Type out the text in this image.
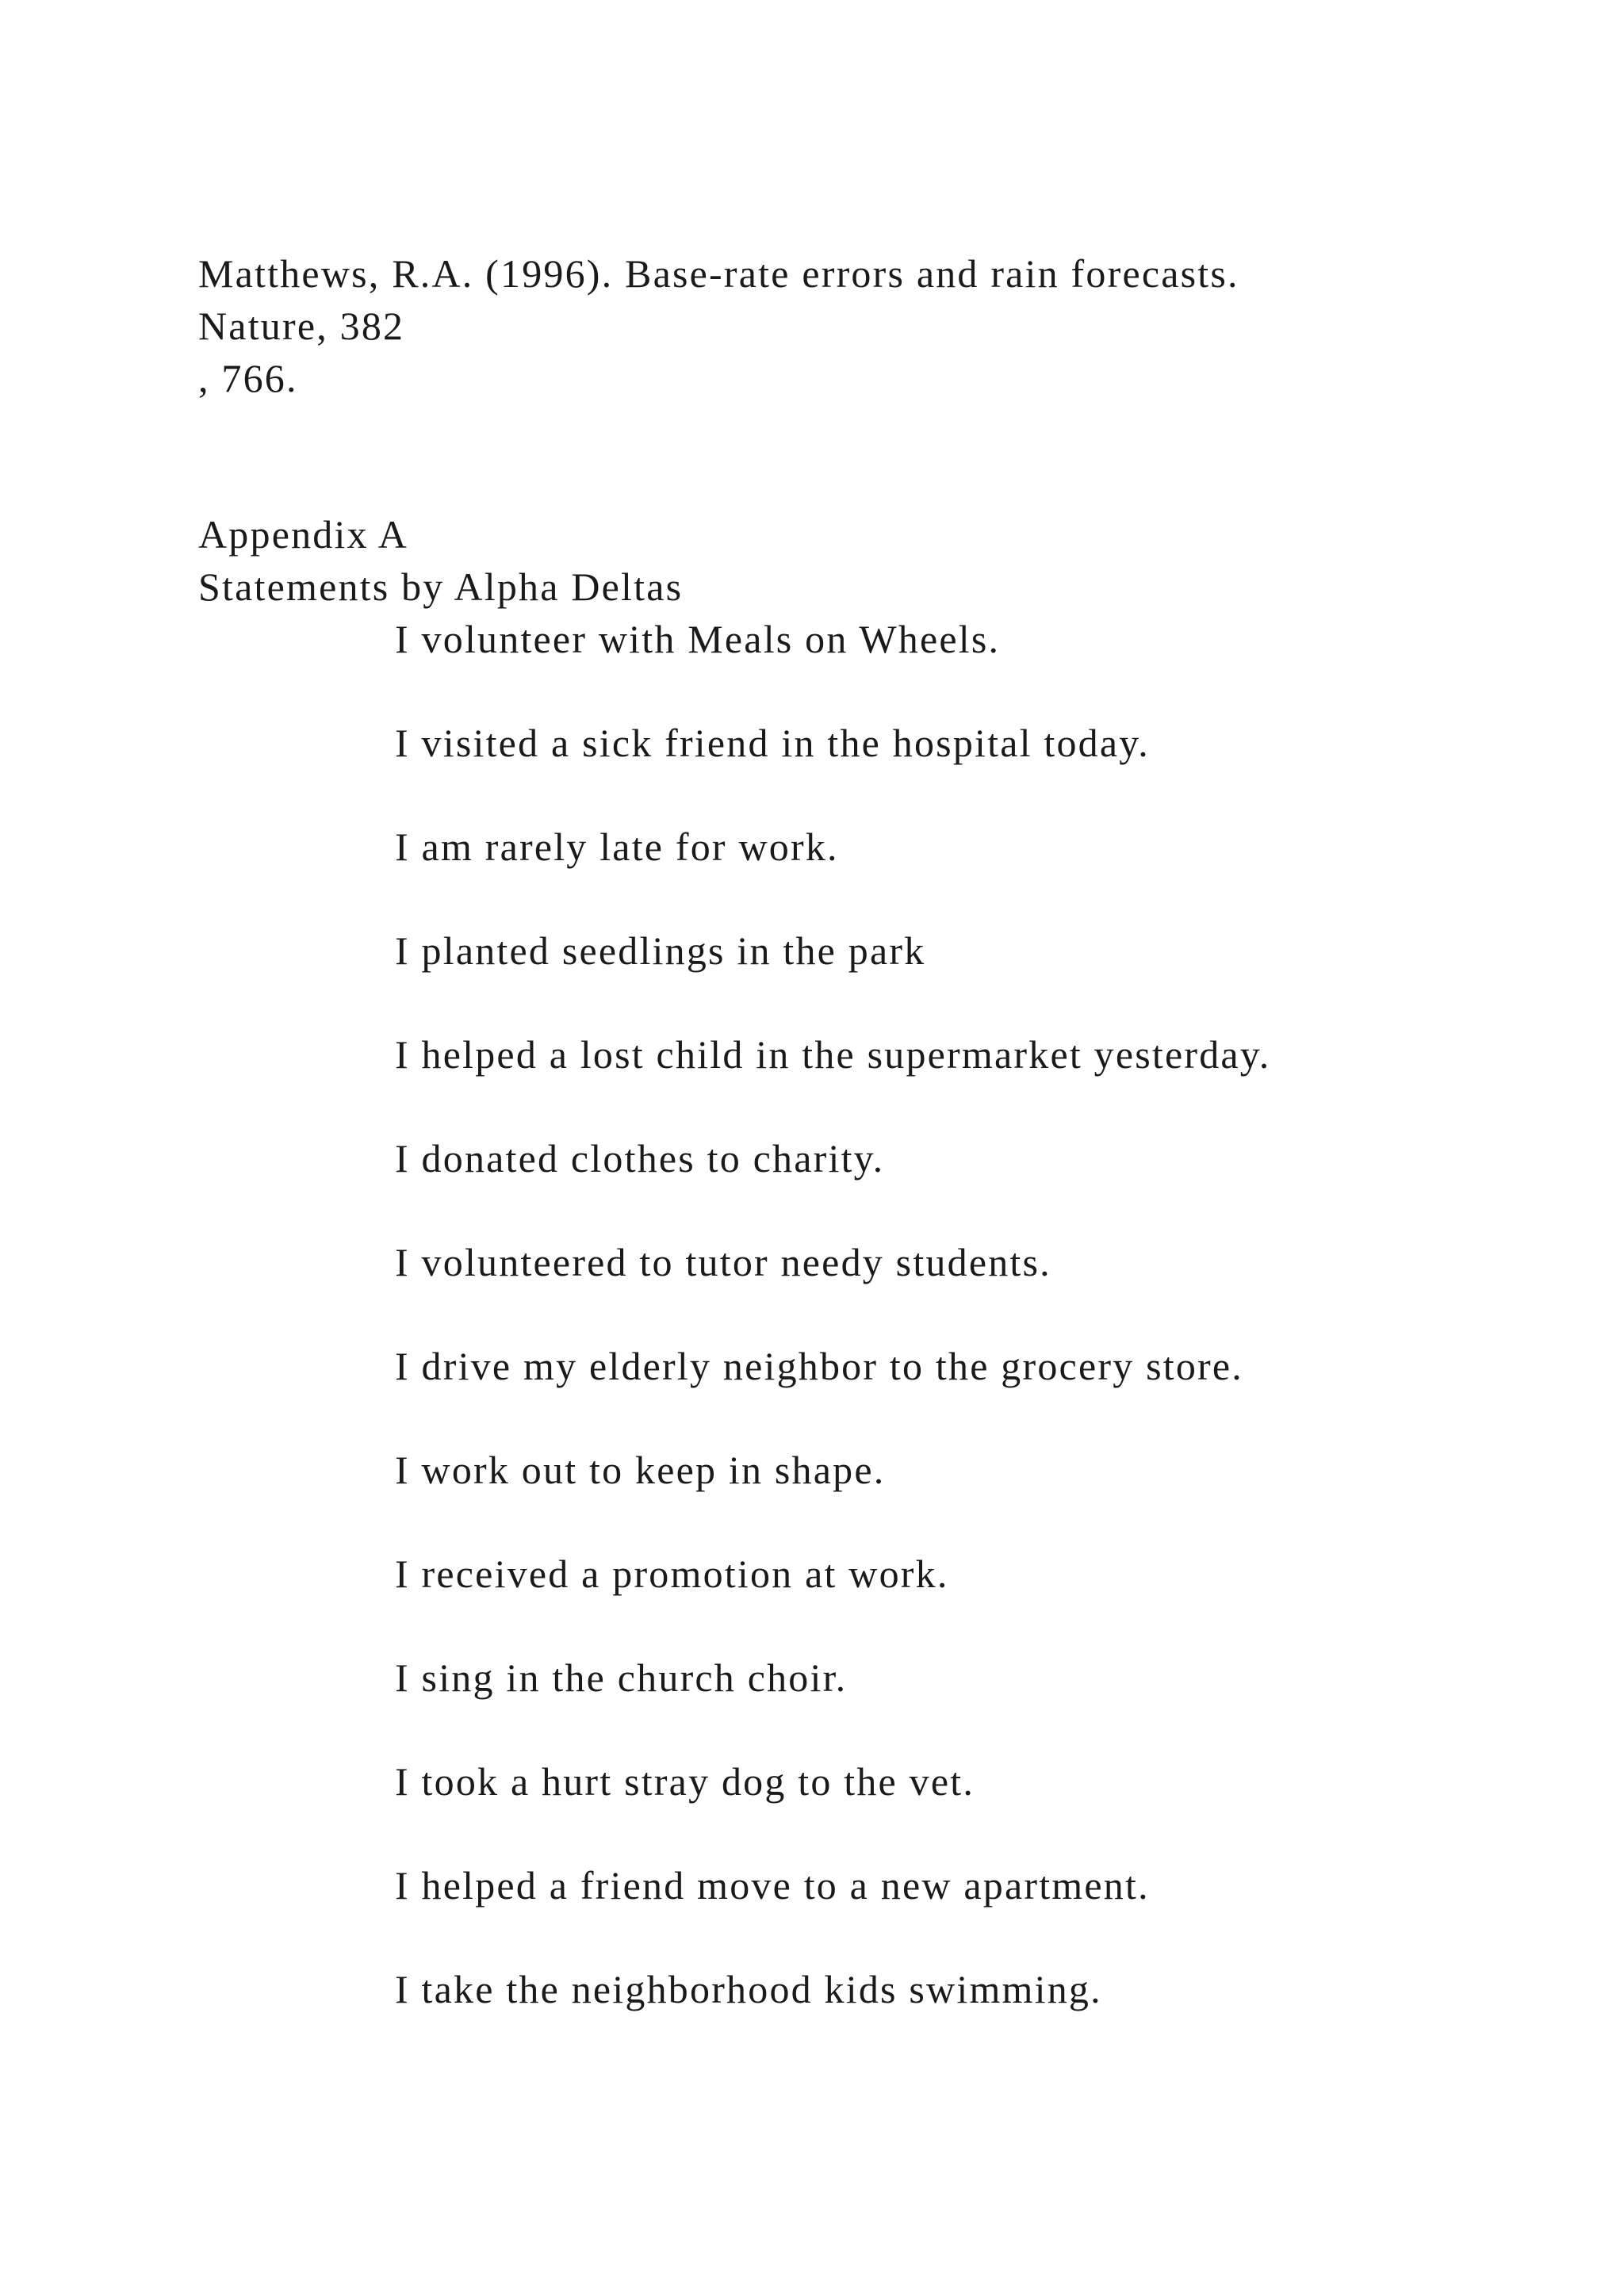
Matthews, R.A. (1996). Base-rate errors and rain forecasts.

Nature, 382

, 766.

Appendix A

Statements by Alpha Deltas

I volunteer with Meals on Wheels.

I visited a sick friend in the hospital today.

I am rarely late for work.

I planted seedlings in the park

I helped a lost child in the supermarket yesterday.

I donated clothes to charity.

I volunteered to tutor needy students.

I drive my elderly neighbor to the grocery store.

I work out to keep in shape.

I received a promotion at work.

I sing in the church choir.

I took a hurt stray dog to the vet.

I helped a friend move to a new apartment.

I take the neighborhood kids swimming.
